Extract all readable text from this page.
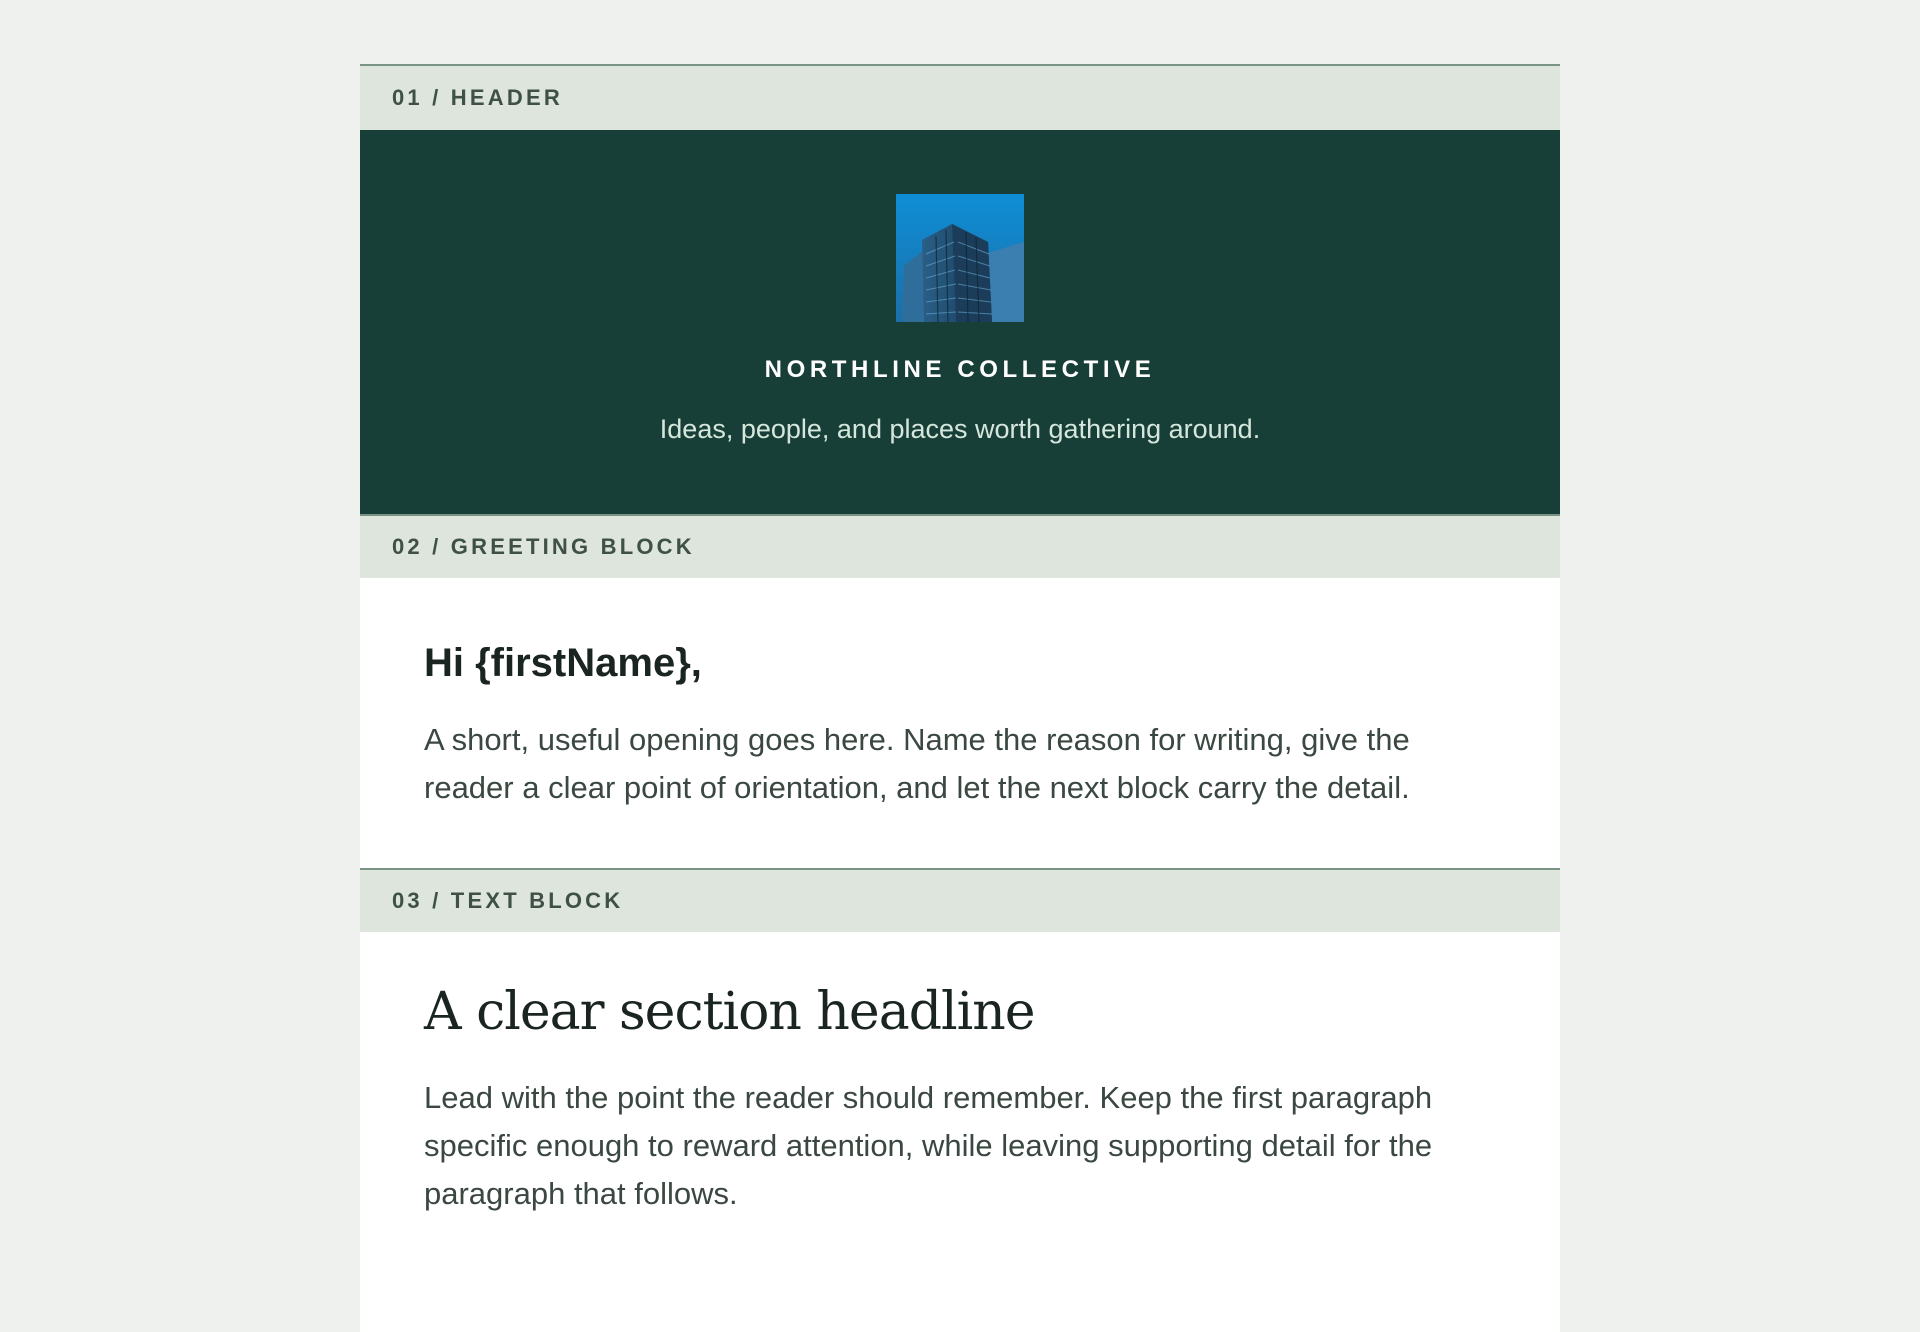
01 / HEADER
NORTHLINE COLLECTIVE
Ideas, people, and places worth gathering around.
02 / GREETING BLOCK
Hi {firstName},

A short, useful opening goes here. Name the reason for writing, give the reader a clear point of orientation, and let the next block carry the detail.

03 / TEXT BLOCK
A clear section headline

Lead with the point the reader should remember. Keep the first paragraph specific enough to reward attention, while leaving supporting detail for the paragraph that follows.
